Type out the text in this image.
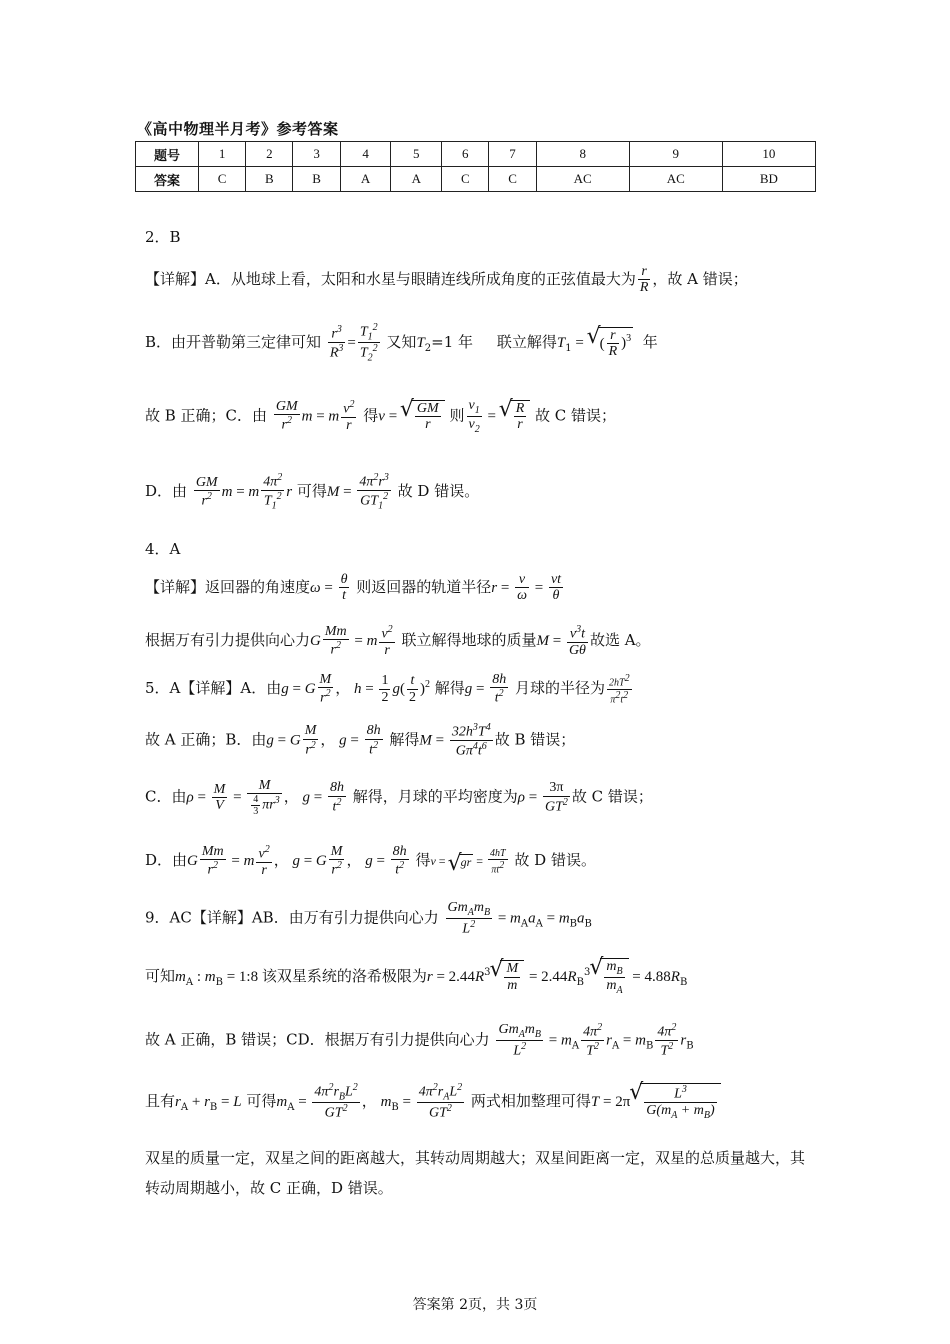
《高中物理半月考》参考答案
题号	1	2	3	4	5	6	7	8	9	10
答案	C	B	B	A	A	C	C	AC	AC	BD
2．B
【详解】A．从地球上看，太阳和水星与眼睛连线所成角度的正弦值最大为 $\frac{r}{R}$ ，故 A 错误；
B．由开普勒第三定律可知 $\frac{r^3}{R^3} = \frac{T_1^2}{T_2^2}$ 又知$T_2=1$ 年 联立解得$T_1$ = √ ( $\frac{r}{R} )^3$ 年
故 B 正确；C．由 $\frac{GM}{r^2}$ m = m $\frac{v^2}{r}$ 得v = √ $\frac{GM}{r}$ 则 $\frac{v_1}{v_2}$ = √ $\frac{R}{r}$ 故 C 错误；
D．由 $\frac{GM}{r^2}$ m = m $\frac{4\pi^2}{T_1^2}$ r 可得$M = \frac{4\pi^2r^3}{GT_1^2}$ 故 D 错误。
4．A
【详解】返回器的角速度$\omega = \frac{\theta}{t}$ 则返回器的轨道半径$r = \frac{v}{\omega} = \frac{vt}{\theta}$
根据万有引力提供向心力G $\frac{Mm}{r^2} = m \frac{v^2}{r}$ 联立解得地球的质量$M = \frac{v^3t}{G\theta}$ 故选 A。
5．A【详解】A．由g = G $\frac{M}{r^2}$ ， $h = \frac{1}{2} g( \frac{t}{2} )^2$ 解得$g = \frac{8h}{t^2}$ 月球的半径为 $\frac{2hT^2}{\pi^2t^2}$
故 A 正确；B．由g = G $\frac{M}{r^2}$ ， $g = \frac{8h}{t^2}$ 解得$M = \frac{32h^3T^4}{G\pi^4t^6}$ 故 B 错误；
C．由$\rho = \frac{M}{V} = \frac{M}{\frac{4}{3} \pi r^3}$ ， $g = \frac{8h}{t^2}$ 解得，月球的平均密度为$\rho = \frac{3\pi}{GT^2}$ 故 C 错误；
D．由G $\frac{Mm}{r^2} = m \frac{v^2}{r}$ ， g = G $\frac{M}{r^2}$ ， $g = \frac{8h}{t^2}$ 得v = √ gr = $\frac{4hT}{\pi t^2}$ 故 D 错误。
9．AC【详解】AB．由万有引力提供向心力 $\frac{Gm_Am_B}{L^2} = m_Aa_A = m_Ba_B$
可知$m_A$ : $m_B$ = 1:8 该双星系统的洛希极限为$r = 2.44R^3$ √ $\frac{M}{m} = 2.44R_B^3$ √ $\frac{m_B}{m_A} = 4.88R_B$
故 A 正确，B 错误；CD．根据万有引力提供向心力 $\frac{Gm_Am_B}{L^2} = m_A \frac{4\pi^2}{T^2} r_A = m_B \frac{4\pi^2}{T^2} r_B$
且有$r_A + r_B = L$ 可得$m_A = \frac{4\pi^2r_BL^2}{GT^2}$ ， $m_B = \frac{4\pi^2r_AL^2}{GT^2}$ 两式相加整理可得T = 2π √ $\frac{L^3}{G(m_A + m_B)}$
双星的质量一定，双星之间的距离越大，其转动周期越大；双星间距离一定，双星的总质量越大，其转动周期越小，故 C 正确，D 错误。
答案第 2页，共 3页
